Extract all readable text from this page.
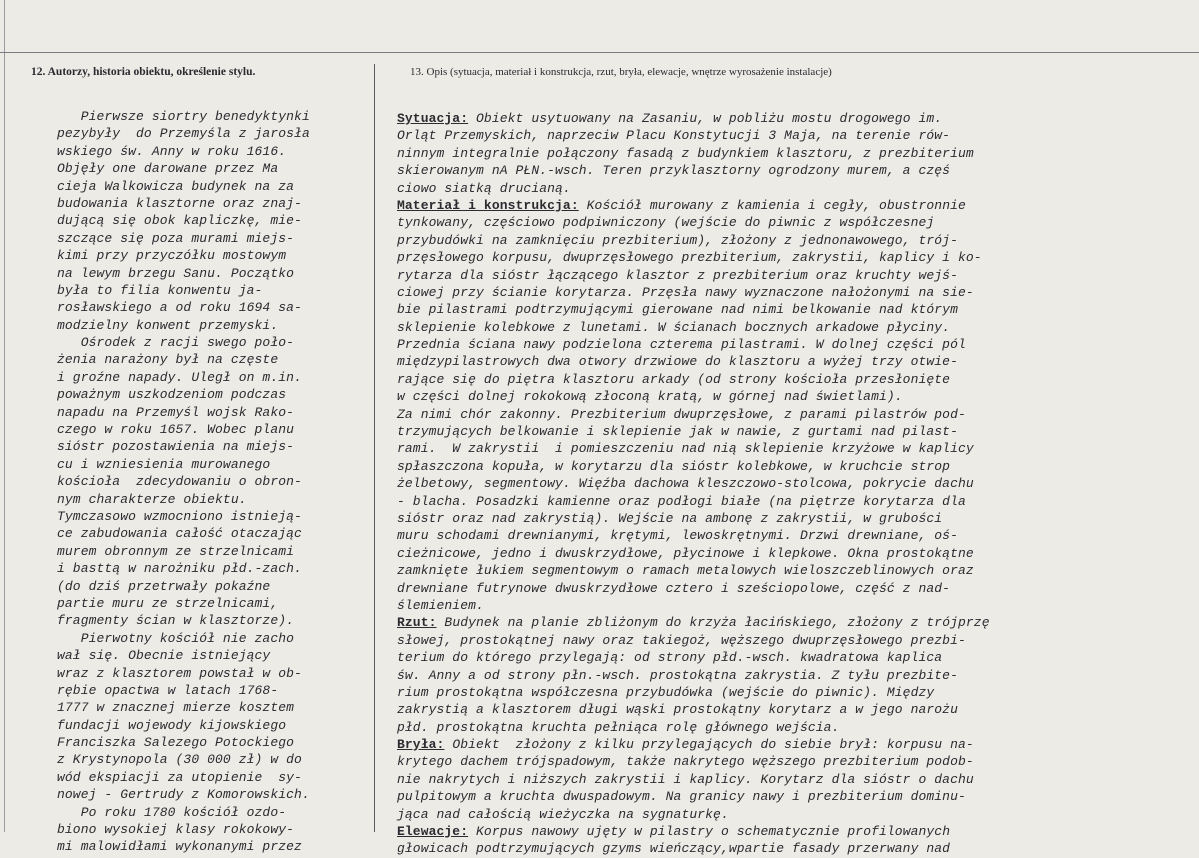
12. Autorzy, historia obiektu, określenie stylu.	13. Opis (sytuacja, materiał i konstrukcja, rzut, bryła, elewacje, wnętrze wyrosażenie instalacje)
Pierwsze siortry benedyktynki
pezybyły  do Przemyśla z jarosła
wskiego św. Anny w roku 1616.
Objęły one darowane przez Ma
cieja Walkowicza budynek na za
budowania klasztorne oraz znaj-
dującą się obok kapliczkę, mie-
szczące się poza murami miejs-
kimi przy przyczółku mostowym
na lewym brzegu Sanu. Początko
była to filia konwentu ja-
rosławskiego a od roku 1694 sa-
modzielny konwent przemyski.
Ośrodek z racji swego poło-
żenia narażony był na częste
i groźne napady. Uległ on m.in.
poważnym uszkodzeniom podczas
napadu na Przemyśl wojsk Rako-
czego w roku 1657. Wobec planu
sióstr pozostawienia na miejs-
cu i wzniesienia murowanego
kościoła  zdecydowaniu o obron-
nym charakterze obiektu.
Tymczasowo wzmocniono istnieją-
ce zabudowania całość otaczając
murem obronnym ze strzelnicami
i basttą w narożniku płd.-zach.
(do dziś przetrwały pokaźne
partie muru ze strzelnicami,
fragmenty ścian w klasztorze).
Pierwotny kościół nie zacho
wał się. Obecnie istniejący
wraz z klasztorem powstał w ob-
rębie opactwa w latach 1768-
1777 w znacznej mierze kosztem
fundacji wojewody kijowskiego
Franciszka Salezego Potockiego
z Krystynopola (30 000 zł) w do
wód ekspiacji za utopienie  sy-
nowej - Gertrudy z Komorowskich.
Po roku 1780 kościół ozdo-
biono wysokiej klasy rokokowy-
mi malowidłami wykonanymi przez
Sytuacja: Obiekt usytuowany na Zasaniu, w pobliżu mostu drogowego im.
Orląt Przemyskich, naprzeciw Placu Konstytucji 3 Maja, na terenie rów-
ninnym integralnie połączony fasadą z budynkiem klasztoru, z prezbiterium
skierowanym nA PŁN.-wsch. Teren przyklasztorny ogrodzony murem, a częś
ciowo siatką drucianą.
Materiał i konstrukcja: Kościół murowany z kamienia i cegły, obustronnie
tynkowany, częściowo podpiwniczony (wejście do piwnic z współczesnej
przybudówki na zamknięciu prezbiterium), złożony z jednonawowego, trój-
przęsłowego korpusu, dwuprzęsłowego prezbiterium, zakrystii, kaplicy i ko-
rytarza dla sióstr łączącego klasztor z prezbiterium oraz kruchty wejś-
ciowej przy ścianie korytarza. Przęsła nawy wyznaczone nałożonymi na sie-
bie pilastrami podtrzymującymi gierowane nad nimi belkowanie nad którym
sklepienie kolebkowe z lunetami. W ścianach bocznych arkadowe płyciny.
Przednia ściana nawy podzielona czterema pilastrami. W dolnej części pól
międzypilastrowych dwa otwory drzwiowe do klasztoru a wyżej trzy otwie-
rające się do piętra klasztoru arkady (od strony kościoła przesłonięte
w części dolnej rokokową złoconą kratą, w górnej nad świetlami).
Za nimi chór zakonny. Prezbiterium dwuprzęsłowe, z parami pilastrów pod-
trzymujących belkowanie i sklepienie jak w nawie, z gurtami nad pilast-
rami.  W zakrystii  i pomieszczeniu nad nią sklepienie krzyżowe w kaplicy
spłaszczona kopuła, w korytarzu dla sióstr kolebkowe, w kruchcie strop
żelbetowy, segmentowy. Więźba dachowa kleszczowo-stolcowa, pokrycie dachu
- blacha. Posadzki kamienne oraz podłogi białe (na piętrze korytarza dla
sióstr oraz nad zakrystią). Wejście na ambonę z zakrystii, w grubości
muru schodami drewnianymi, krętymi, lewoskrętnymi. Drzwi drewniane, oś-
cieżnicowe, jedno i dwuskrzydłowe, płycinowe i klepkowe. Okna prostokątne
zamknięte łukiem segmentowym o ramach metalowych wieloszczeblinowych oraz
drewniane futrynowe dwuskrzydłowe cztero i sześciopolowe, część z nad-
ślemieniem.
Rzut: Budynek na planie zbliżonym do krzyża łacińskiego, złożony z trójprzę
słowej, prostokątnej nawy oraz takiegoż, węższego dwuprzęsłowego prezbi-
terium do którego przylegają: od strony płd.-wsch. kwadratowa kaplica
św. Anny a od strony płn.-wsch. prostokątna zakrystia. Z tyłu prezbite-
rium prostokątna współczesna przybudówka (wejście do piwnic). Między
zakrystią a klasztorem długi wąski prostokątny korytarz a w jego narożu
płd. prostokątna kruchta pełniąca rolę głównego wejścia.
Bryła: Obiekt  złożony z kilku przylegających do siebie brył: korpusu na-
krytego dachem trójspadowym, także nakrytego węższego prezbiterium podob-
nie nakrytych i niższych zakrystii i kaplicy. Korytarz dla sióstr o dachu
pulpitowym a kruchta dwuspadowym. Na granicy nawy i prezbiterium dominu-
jąca nad całością wieżyczka na sygnaturkę.
Elewacje: Korpus nawowy ujęty w pilastry o schematycznie profilowanych
głowicach podtrzymujących gzyms wieńczący,wpartie fasady przerwany nad
